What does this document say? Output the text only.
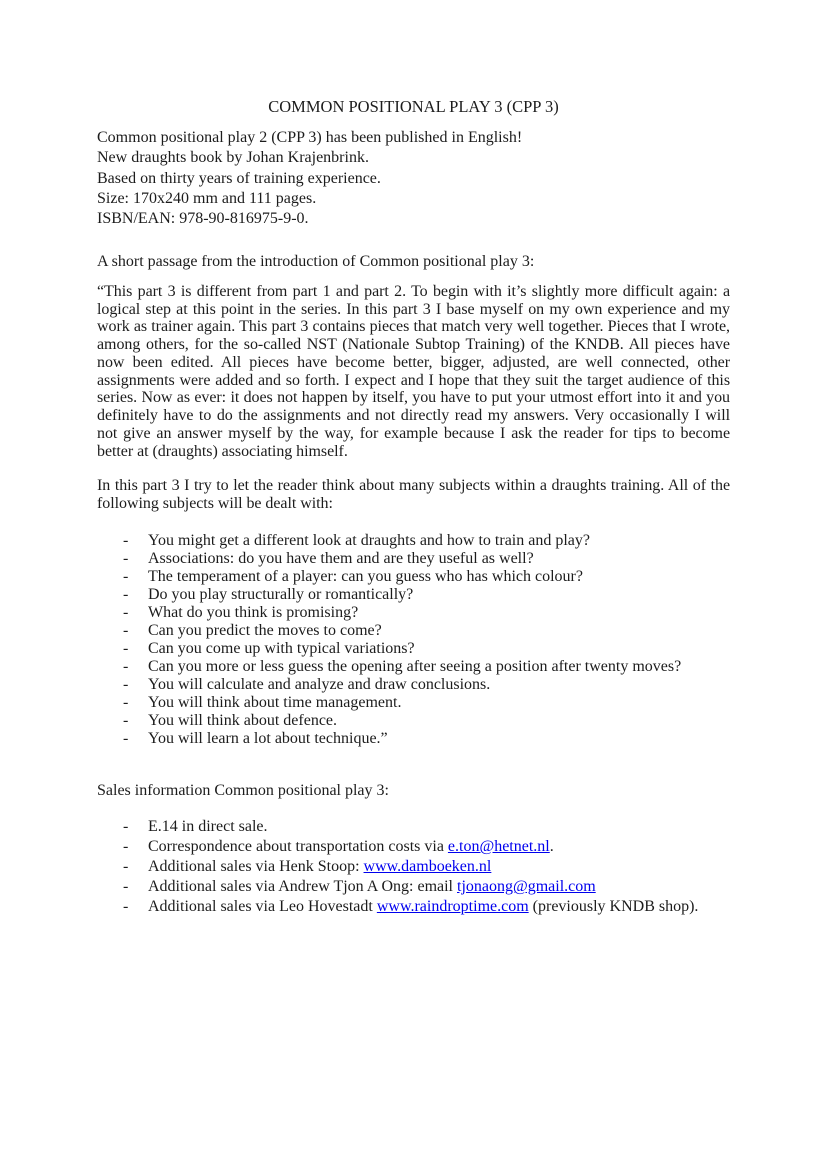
COMMON POSITIONAL PLAY 3 (CPP 3)
Common positional play 2 (CPP 3) has been published in English!
New draughts book by Johan Krajenbrink.
Based on thirty years of training experience.
Size: 170x240 mm and 111 pages.
ISBN/EAN: 978-90-816975-9-0.
A short passage from the introduction of Common positional play 3:
“This part 3 is different from part 1 and part 2. To begin with it’s slightly more difficult again: a logical step at this point in the series. In this part 3 I base myself on my own experience and my work as trainer again. This part 3 contains pieces that match very well together. Pieces that I wrote, among others, for the so-called NST (Nationale Subtop Training) of the KNDB. All pieces have now been edited. All pieces have become better, bigger, adjusted, are well connected, other assignments were added and so forth. I expect and I hope that they suit the target audience of this series. Now as ever: it does not happen by itself, you have to put your utmost effort into it and you definitely have to do the assignments and not directly read my answers. Very occasionally I will not give an answer myself by the way, for example because I ask the reader for tips to become better at (draughts) associating himself.
In this part 3 I try to let the reader think about many subjects within a draughts training. All of the following subjects will be dealt with:
- You might get a different look at draughts and how to train and play?
- Associations: do you have them and are they useful as well?
- The temperament of a player: can you guess who has which colour?
- Do you play structurally or romantically?
- What do you think is promising?
- Can you predict the moves to come?
- Can you come up with typical variations?
- Can you more or less guess the opening after seeing a position after twenty moves?
- You will calculate and analyze and draw conclusions.
- You will think about time management.
- You will think about defence.
- You will learn a lot about technique.”
Sales information Common positional play 3:
- E.14 in direct sale.
- Correspondence about transportation costs via e.ton@hetnet.nl.
- Additional sales via Henk Stoop: www.damboeken.nl
- Additional sales via Andrew Tjon A Ong: email tjonaong@gmail.com
- Additional sales via Leo Hovestadt www.raindroptime.com (previously KNDB shop).
